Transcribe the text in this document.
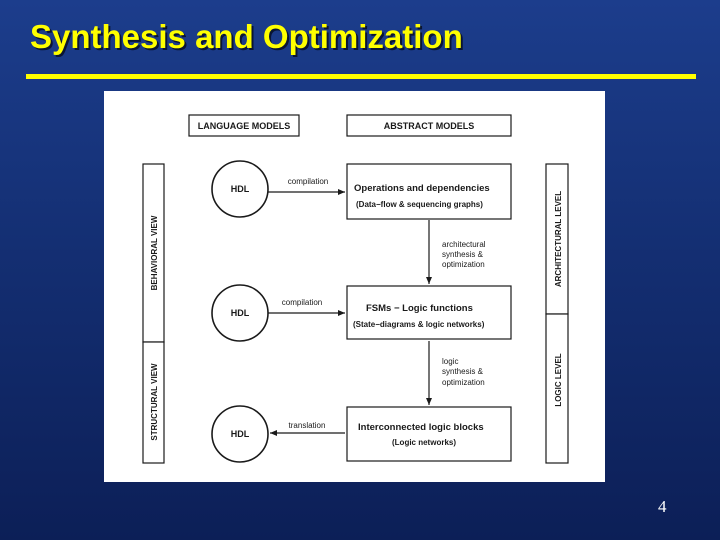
Synthesis and Optimization
LANGUAGE MODELS	ABSTRACT MODELS
BEHAVIORAL VIEW
STRUCTURAL VIEW
ARCHITECTURAL LEVEL
LOGIC LEVEL
HDL
HDL
HDL
compilation
compilation
translation
Operations and dependencies
(Data−flow & sequencing graphs)
FSMs − Logic functions
(State−diagrams & logic networks)
Interconnected logic blocks
(Logic networks)
architectural
synthesis &
optimization
logic
synthesis &
optimization
4
